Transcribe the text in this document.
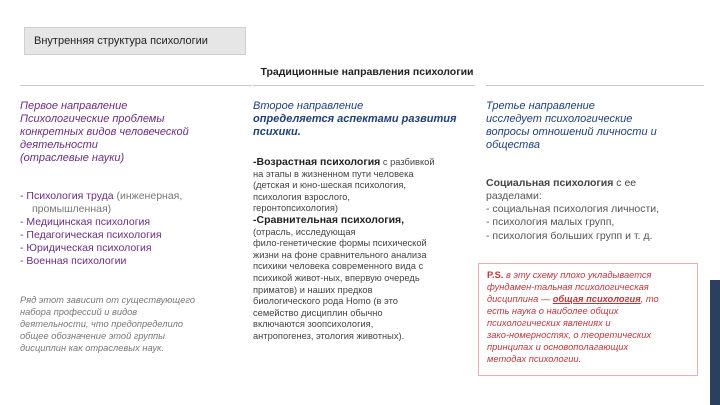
Внутренняя структура психологии
Традиционные направления психологии
Первое направление
Психологические проблемы
конкретных видов человеческой
деятельности
(отраслевые науки)
- Психология труда (инженерная,
промышленная)
- Медицинская психология
- Педагогическая психология
- Юридическая психология
- Военная психологии
Ряд этот зависит от существующего
набора профессий и видов
деятельности, что предопределило
общее обозначение этой группы
дисциплин как отраслевых наук.
Второе направление
определяется аспектами развития
психики.
-Возрастная психология с разбивкой
на этапы в жизненном пути человека
(детская и юно-шеская психология,
психология взрослого,
геронтопсихология)
-Сравнительная психология,
(отрасль, исследующая
фило-генетические формы психической
жизни на фоне сравнительного анализа
психики человека современного вида с
психикой живот-ных, впервую очередь
приматов) и наших предков
биологического рода Homo (в это
семейство дисциплин обычно
включаются зоопсихология,
антропогенез, этология животных).
Третье направление
исследует психологические
вопросы отношений личности и
общества
Социальная психология с ее
разделами:
- социальная психология личности,
- психология малых групп,
- психология больших групп и т. д.
P.S. в эту схему плохо укладывается
фундамен-тальная психологическая
дисциплина — общая психология, то
есть наука о наиболее общих
психологических явлениях и
зако-номерностях, о теоретических
принципах и основополагающих
методах психологии.
